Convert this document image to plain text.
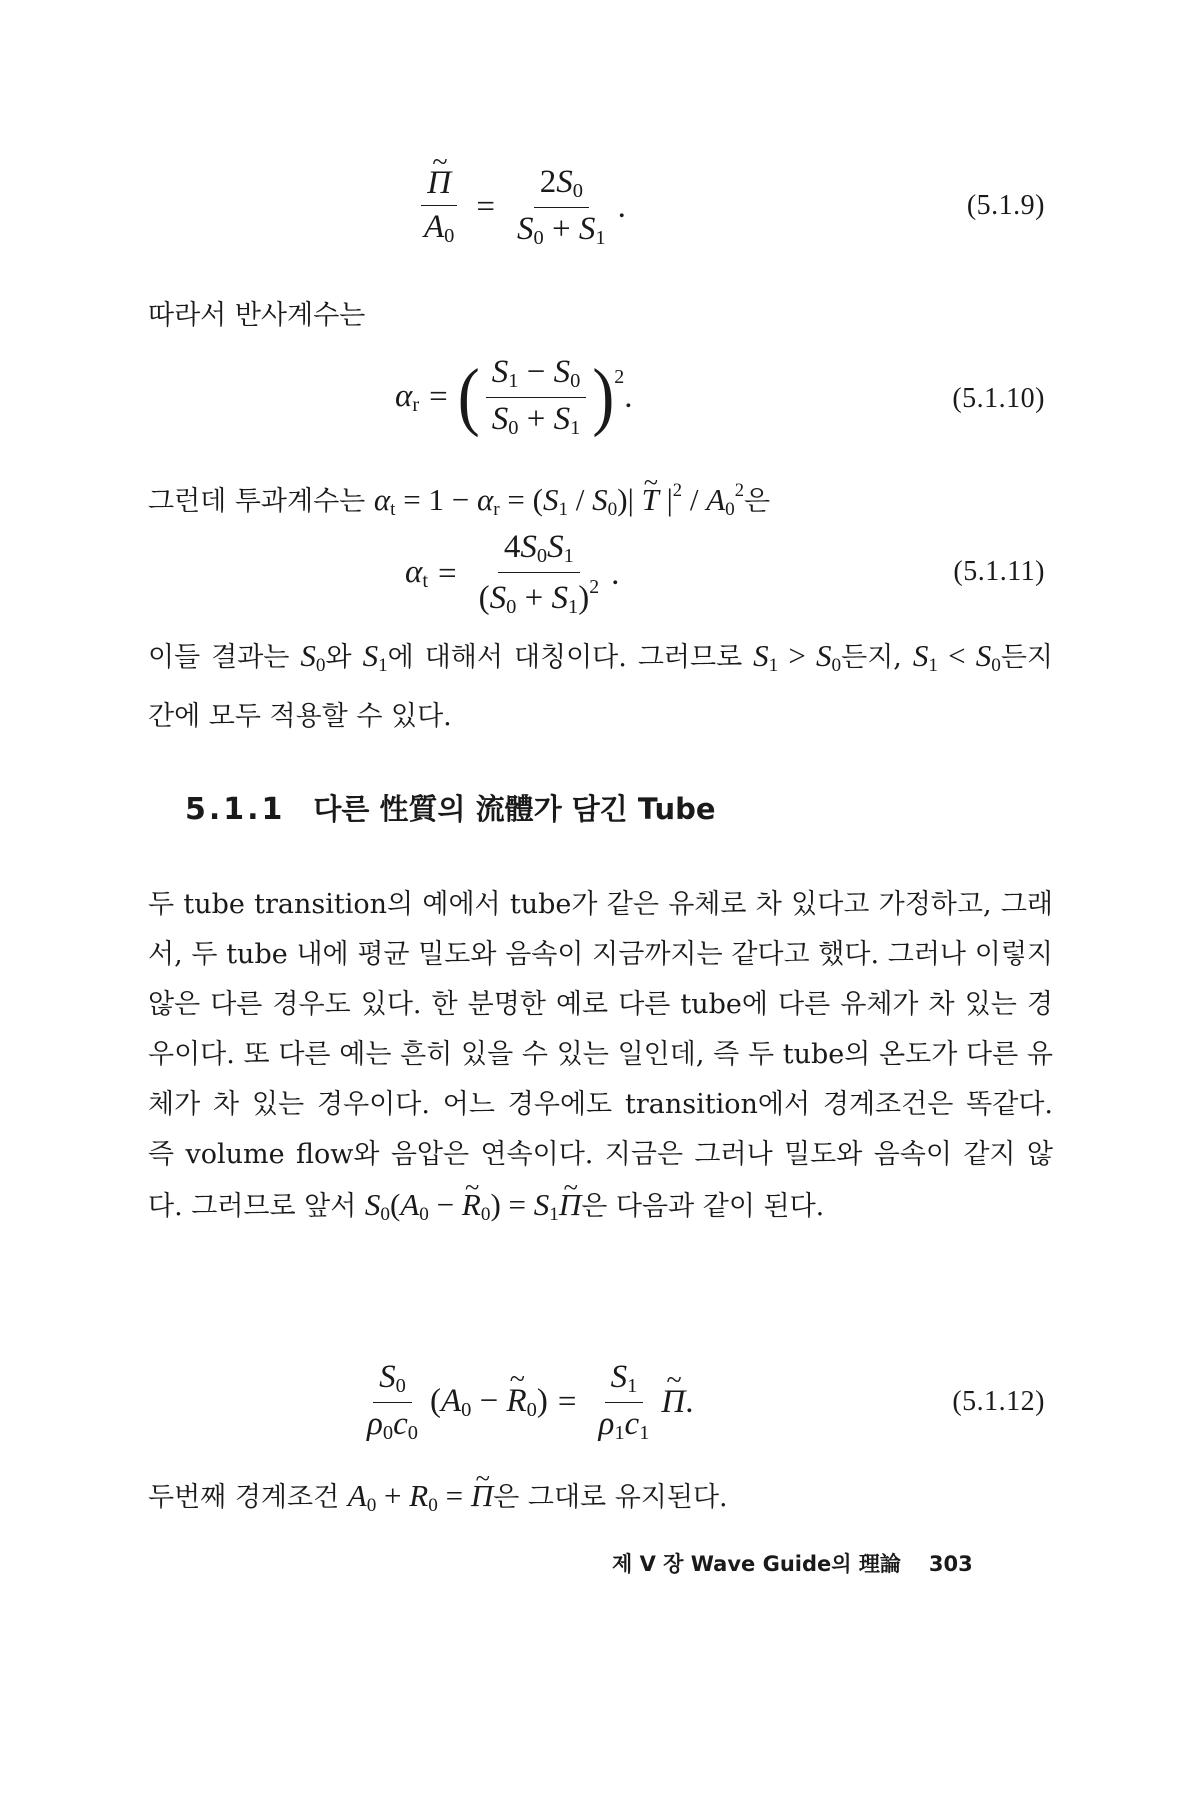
~ $\frac{\Pi}{A_0} = \frac{2S_0}{S_0 + S_1}$ .	(5.1.9)
따라서 반사계수는
$\alpha_r$ = ( $\frac{S_1 - S_0}{S_0 + S_1}$ ) 2
.	(5.1.10)
그런데 투과계수는 $\alpha_t = 1 - \alpha_r = (S_1 / S_0)|$ ~ T $|^2 / A_0^2$은
$\alpha_t = \frac{4S_0S_1}{(S_0 + S_1)^2}$ .	(5.1.11)
이들 결과는 $S_0$와 $S_1$에 대해서 대칭이다. 그러므로 $S_1 > S_0$든지, $S_1 < S_0$든지 간에 모두 적용할 수 있다.
5.1.1 다른 性質의 流體가 담긴 Tube
두 tube transition의 예에서 tube가 같은 유체로 차 있다고 가정하고, 그래서, 두 tube 내에 평균 밀도와 음속이 지금까지는 같다고 했다. 그러나 이렇지 않은 다른 경우도 있다. 한 분명한 예로 다른 tube에 다른 유체가 차 있는 경우이다. 또 다른 예는 흔히 있을 수 있는 일인데, 즉 두 tube의 온도가 다른 유체가 차 있는 경우이다. 어느 경우에도 transition에서 경계조건은 똑같다. 즉 volume flow와 음압은 연속이다. 지금은 그러나 밀도와 음속이 같지 않다. 그러므로 앞서 $S_0(A_0$ − ~ $R_0$) = $S_1\sim$ Π은 다음과 같이 된다.
$\frac{S_0}{\rho_0c_0} (A_0$ − ~ $R_0) = \frac{S_1}{\rho_1c_1}$
~ Π .	(5.1.12)
두번째 경계조건 $A_0 + R_0$ = ~ Π은 그대로 유지된다.
제 V 장 Wave Guide의 理論 303
